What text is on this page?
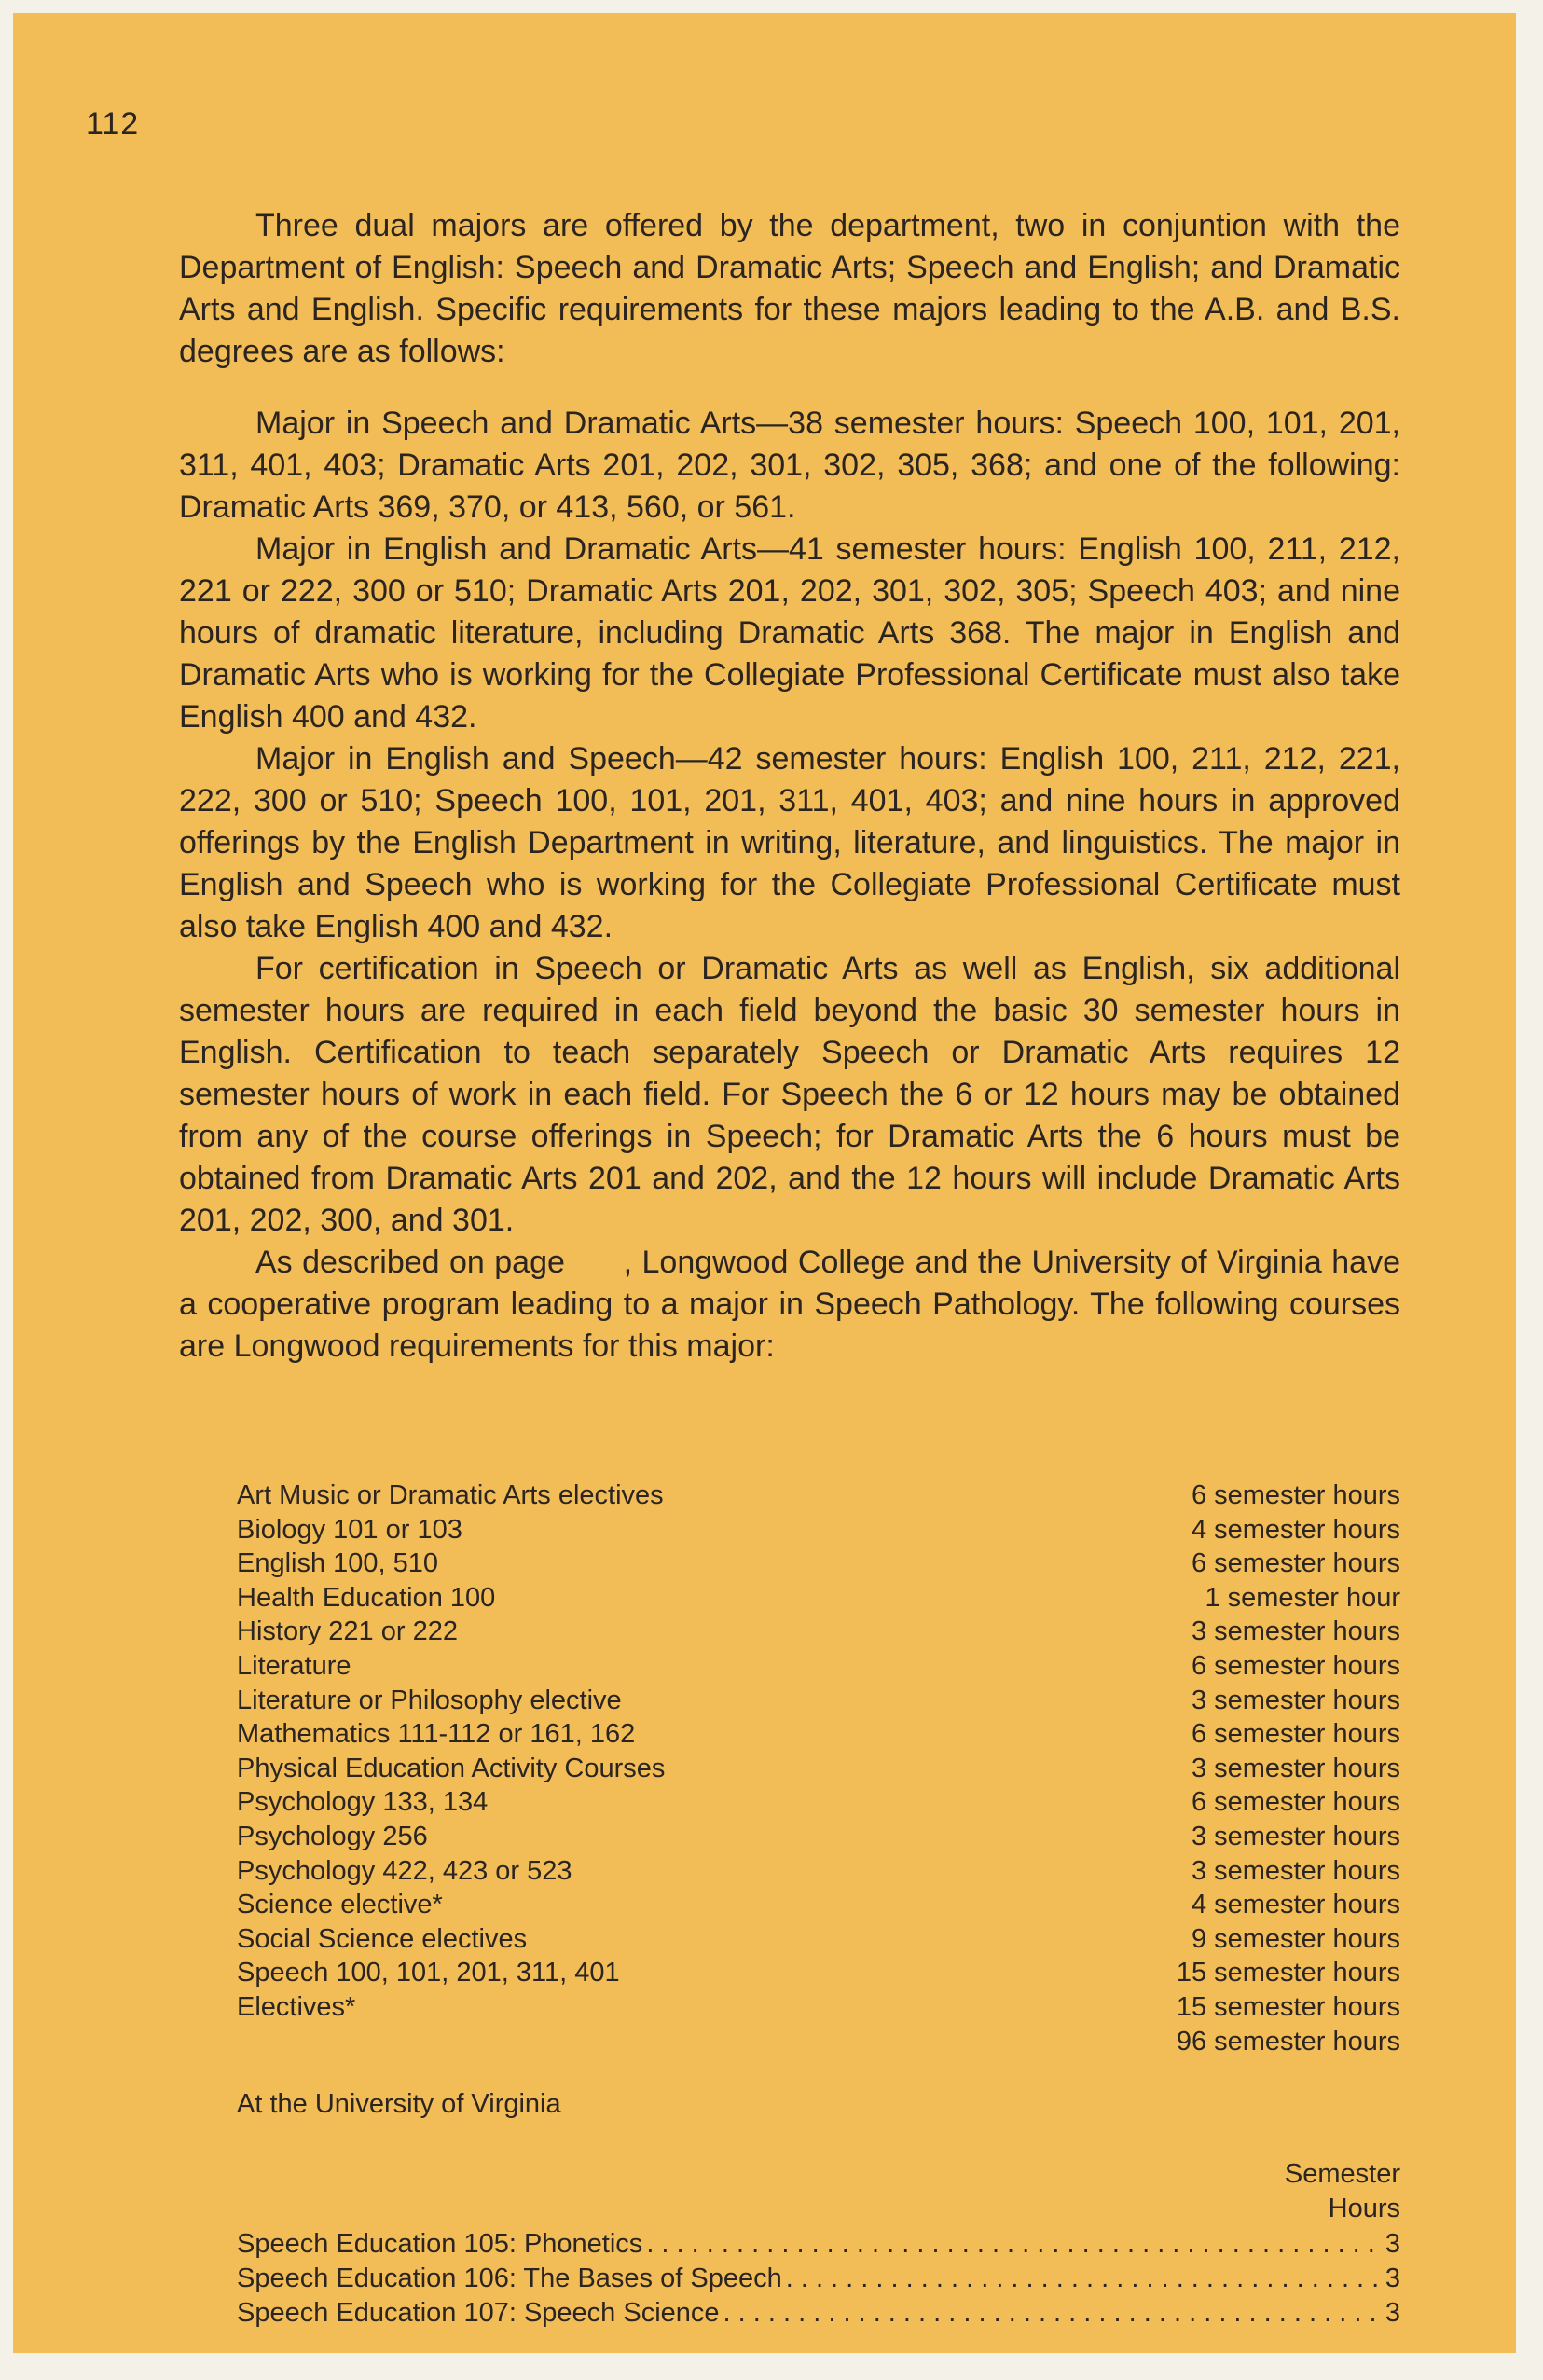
112

Three dual majors are offered by the department, two in conjuntion with the Department of English: Speech and Dramatic Arts; Speech and English; and Dramatic Arts and English. Specific requirements for these majors leading to the A.B. and B.S. degrees are as follows:

Major in Speech and Dramatic Arts—38 semester hours: Speech 100, 101, 201, 311, 401, 403; Dramatic Arts 201, 202, 301, 302, 305, 368; and one of the following: Dramatic Arts 369, 370, or 413, 560, or 561.

Major in English and Dramatic Arts—41 semester hours: English 100, 211, 212, 221 or 222, 300 or 510; Dramatic Arts 201, 202, 301, 302, 305; Speech 403; and nine hours of dramatic literature, including Dramatic Arts 368. The major in English and Dramatic Arts who is working for the Collegiate Professional Certificate must also take English 400 and 432.

Major in English and Speech—42 semester hours: English 100, 211, 212, 221, 222, 300 or 510; Speech 100, 101, 201, 311, 401, 403; and nine hours in approved offerings by the English Department in writing, literature, and linguistics. The major in English and Speech who is working for the Collegiate Professional Certificate must also take English 400 and 432.

For certification in Speech or Dramatic Arts as well as English, six additional semester hours are required in each field beyond the basic 30 semester hours in English. Certification to teach separately Speech or Dramatic Arts requires 12 semester hours of work in each field. For Speech the 6 or 12 hours may be obtained from any of the course offerings in Speech; for Dramatic Arts the 6 hours must be obtained from Dramatic Arts 201 and 202, and the 12 hours will include Dramatic Arts 201, 202, 300, and 301.

As described on page      , Longwood College and the University of Virginia have a cooperative program leading to a major in Speech Pathology. The following courses are Longwood requirements for this major:

Art Music or Dramatic Arts electives	6 semester hours
Biology 101 or 103	4 semester hours
English 100, 510	6 semester hours
Health Education 100	1 semester hour
History 221 or 222	3 semester hours
Literature	6 semester hours
Literature or Philosophy elective	3 semester hours
Mathematics 111-112 or 161, 162	6 semester hours
Physical Education Activity Courses	3 semester hours
Psychology 133, 134	6 semester hours
Psychology 256	3 semester hours
Psychology 422, 423 or 523	3 semester hours
Science elective*	4 semester hours
Social Science electives	9 semester hours
Speech 100, 101, 201, 311, 401	15 semester hours
Electives*	15 semester hours
96 semester hours
At the University of Virginia
Semester
Hours
Speech Education 105: Phonetics . . .	3
Speech Education 106: The Bases of Speech . . .	3
Speech Education 107: Speech Science . . .	3
